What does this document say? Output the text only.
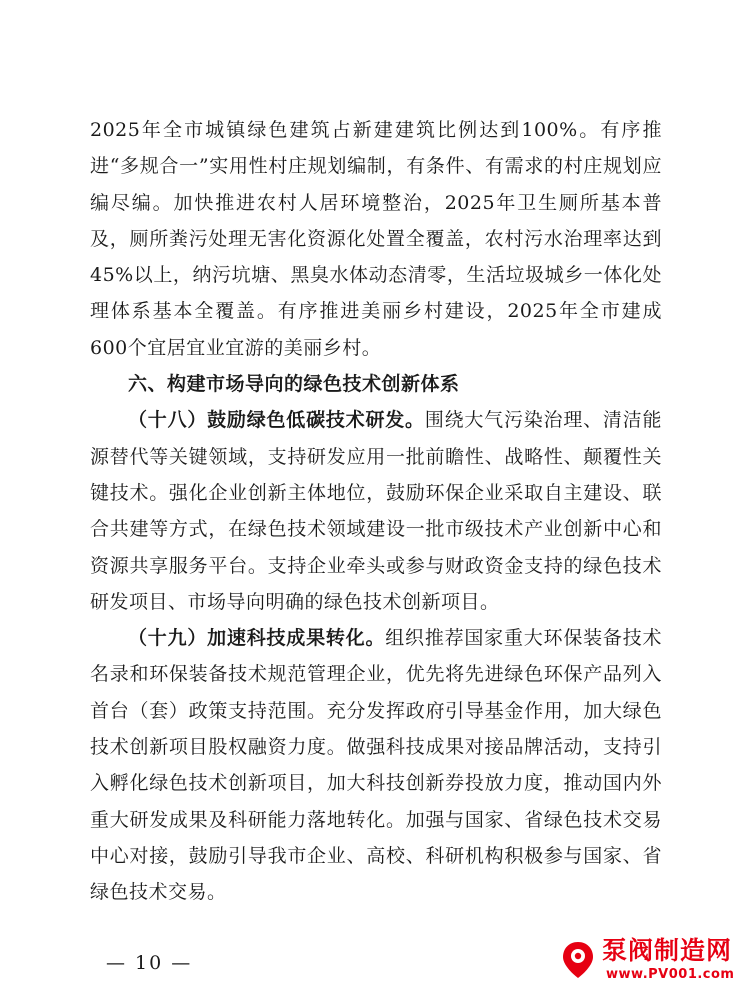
2025年全市城镇绿色建筑占新建建筑比例达到100%。有序推进“多规合一”实用性村庄规划编制，有条件、有需求的村庄规划应编尽编。加快推进农村人居环境整治，2025年卫生厕所基本普及，厕所粪污处理无害化资源化处置全覆盖，农村污水治理率达到45%以上，纳污坑塘、黑臭水体动态清零，生活垃圾城乡一体化处理体系基本全覆盖。有序推进美丽乡村建设，2025年全市建成600个宜居宜业宜游的美丽乡村。

六、构建市场导向的绿色技术创新体系

（十八）鼓励绿色低碳技术研发。围绕大气污染治理、清洁能源替代等关键领域，支持研发应用一批前瞻性、战略性、颠覆性关键技术。强化企业创新主体地位，鼓励环保企业采取自主建设、联合共建等方式，在绿色技术领域建设一批市级技术产业创新中心和资源共享服务平台。支持企业牵头或参与财政资金支持的绿色技术研发项目、市场导向明确的绿色技术创新项目。

（十九）加速科技成果转化。组织推荐国家重大环保装备技术名录和环保装备技术规范管理企业，优先将先进绿色环保产品列入首台（套）政策支持范围。充分发挥政府引导基金作用，加大绿色技术创新项目股权融资力度。做强科技成果对接品牌活动，支持引入孵化绿色技术创新项目，加大科技创新券投放力度，推动国内外重大研发成果及科研能力落地转化。加强与国家、省绿色技术交易中心对接，鼓励引导我市企业、高校、科研机构积极参与国家、省绿色技术交易。

— 10 —	泵阀制造网
www.PV001.com
